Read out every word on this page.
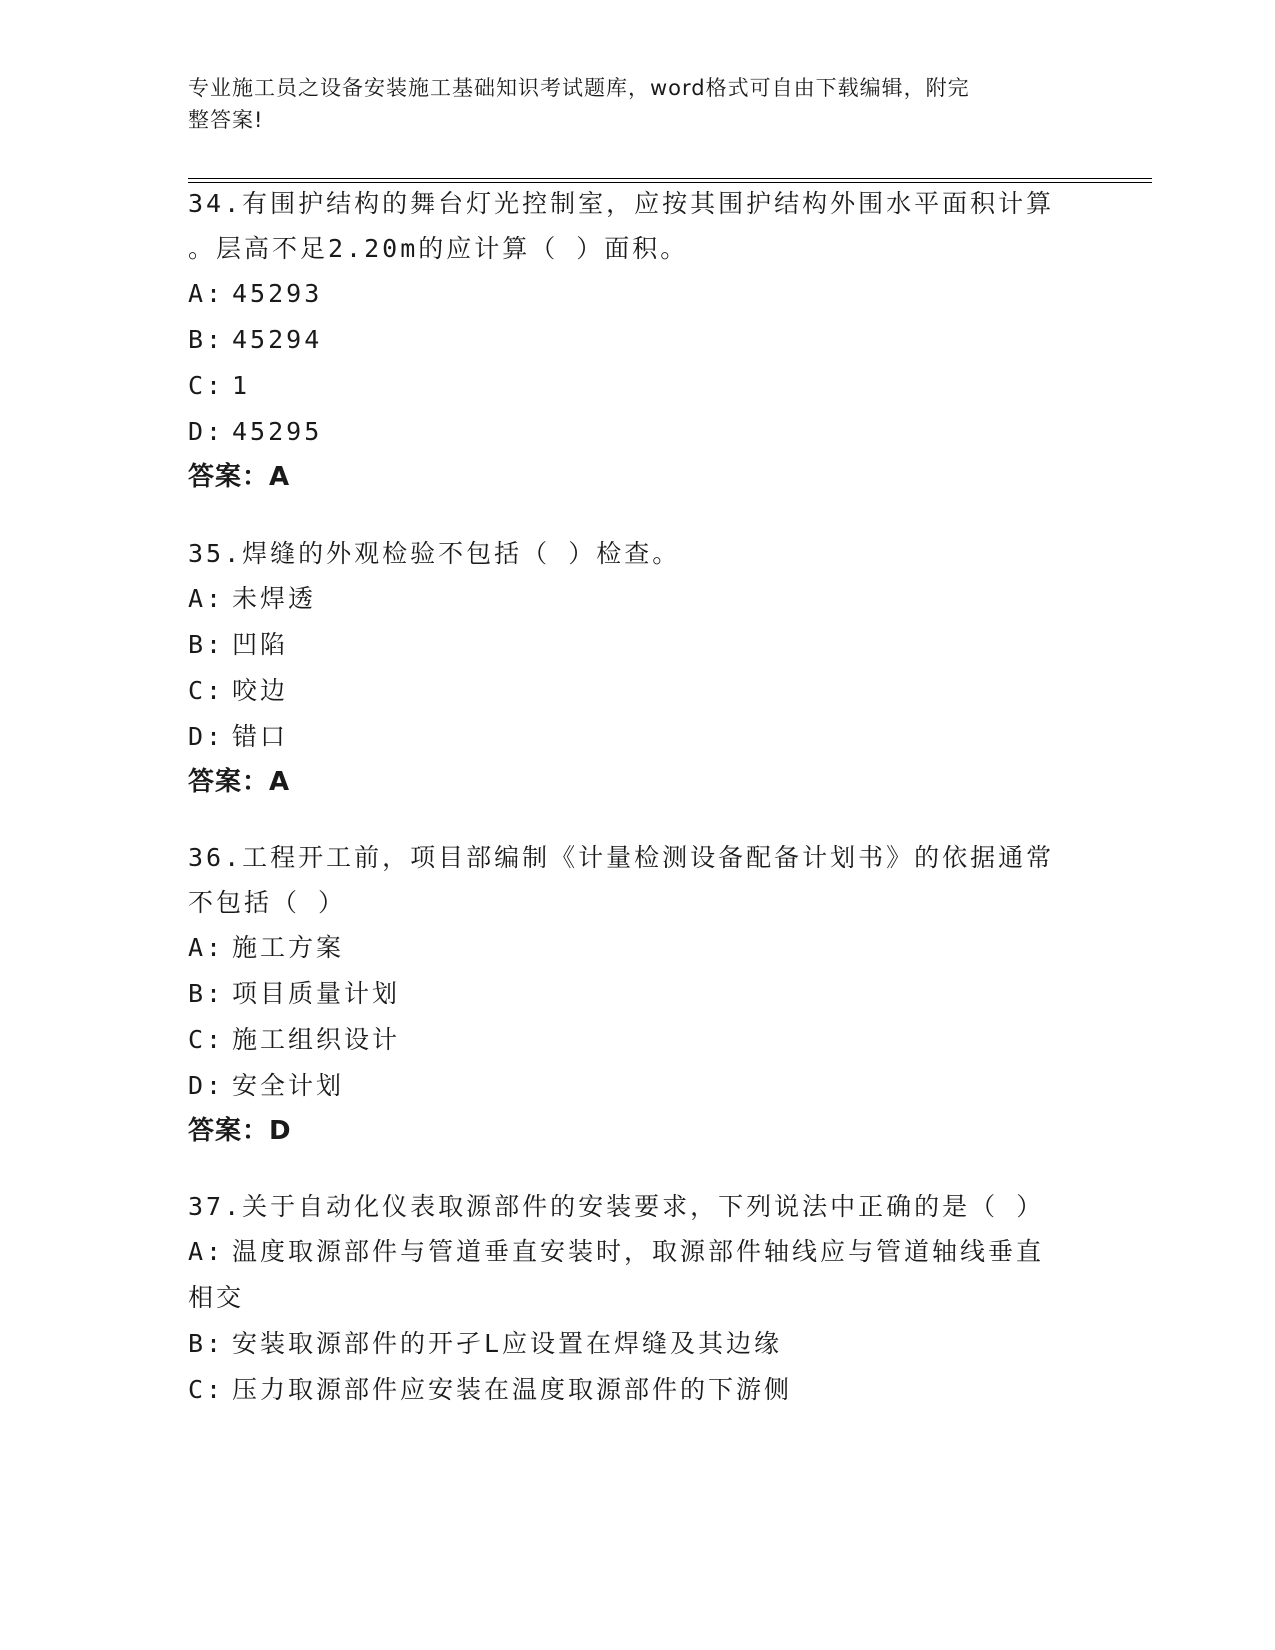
专业施工员之设备安装施工基础知识考试题库，word格式可自由下载编辑，附完
整答案!
34.有围护结构的舞台灯光控制室，应按其围护结构外围水平面积计算
。层高不足2.20m的应计算（ ）面积。
A: 45293
B: 45294
C: 1
D: 45295
答案：A
35.焊缝的外观检验不包括（ ）检查。
A: 未焊透
B: 凹陷
C: 咬边
D: 错口
答案：A
36.工程开工前，项目部编制《计量检测设备配备计划书》的依据通常
不包括（ ）
A: 施工方案
B: 项目质量计划
C: 施工组织设计
D: 安全计划
答案：D
37.关于自动化仪表取源部件的安装要求，下列说法中正确的是（ ）
A: 温度取源部件与管道垂直安装时，取源部件轴线应与管道轴线垂直
相交
B: 安装取源部件的开孑L应设置在焊缝及其边缘
C: 压力取源部件应安装在温度取源部件的下游侧
